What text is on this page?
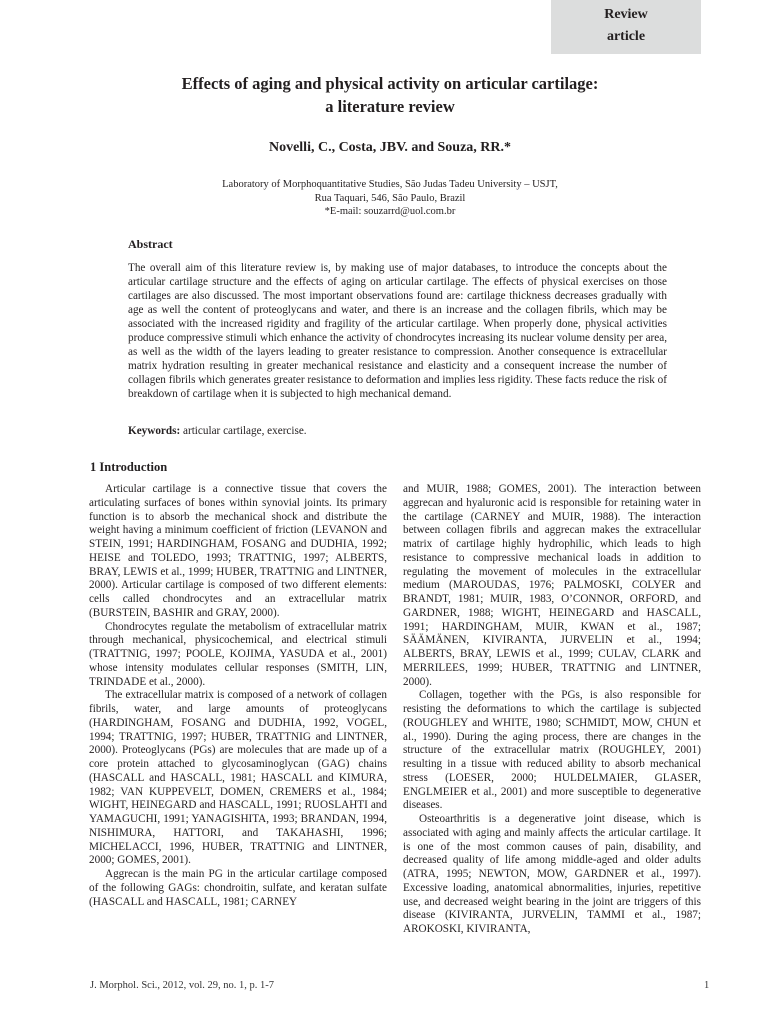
Review
article
Effects of aging and physical activity on articular cartilage:
a literature review
Novelli, C., Costa, JBV. and Souza, RR.*
Laboratory of Morphoquantitative Studies, São Judas Tadeu University – USJT,
Rua Taquari, 546, São Paulo, Brazil
*E-mail: souzarrd@uol.com.br
Abstract

The overall aim of this literature review is, by making use of major databases, to introduce the concepts about the articular cartilage structure and the effects of aging on articular cartilage. The effects of physical exercises on those cartilages are also discussed. The most important observations found are: cartilage thickness decreases gradually with age as well the content of proteoglycans and water, and there is an increase and the collagen fibrils, which may be associated with the increased rigidity and fragility of the articular cartilage. When properly done, physical activities produce compressive stimuli which enhance the activity of chondrocytes increasing its nuclear volume density per area, as well as the width of the layers leading to greater resistance to compression. Another consequence is extracellular matrix hydration resulting in greater mechanical resistance and elasticity and a consequent increase the number of collagen fibrils which generates greater resistance to deformation and implies less rigidity. These facts reduce the risk of breakdown of cartilage when it is subjected to high mechanical demand.

Keywords: articular cartilage, exercise.
1 Introduction

Articular cartilage is a connective tissue that covers the articulating surfaces of bones within synovial joints. Its primary function is to absorb the mechanical shock and distribute the weight having a minimum coefficient of friction (LEVANON and STEIN, 1991; HARDINGHAM, FOSANG and DUDHIA, 1992; HEISE and TOLEDO, 1993; TRATTNIG, 1997; ALBERTS, BRAY, LEWIS et al., 1999; HUBER, TRATTNIG and LINTNER, 2000). Articular cartilage is composed of two different elements: cells called chondrocytes and an extracellular matrix (BURSTEIN, BASHIR and GRAY, 2000).

Chondrocytes regulate the metabolism of extracellular matrix through mechanical, physicochemical, and electrical stimuli (TRATTNIG, 1997; POOLE, KOJIMA, YASUDA et al., 2001) whose intensity modulates cellular responses (SMITH, LIN, TRINDADE et al., 2000).

The extracellular matrix is composed of a network of collagen fibrils, water, and large amounts of proteoglycans (HARDINGHAM, FOSANG and DUDHIA, 1992, VOGEL, 1994; TRATTNIG, 1997; HUBER, TRATTNIG and LINTNER, 2000). Proteoglycans (PGs) are molecules that are made up of a core protein attached to glycosaminoglycan (GAG) chains (HASCALL and HASCALL, 1981; HASCALL and KIMURA, 1982; VAN KUPPEVELT, DOMEN, CREMERS et al., 1984; WIGHT, HEINEGARD and HASCALL, 1991; RUOSLAHTI and YAMAGUCHI, 1991; YANAGISHITA, 1993; BRANDAN, 1994, NISHIMURA, HATTORI, and TAKAHASHI, 1996; MICHELACCI, 1996, HUBER, TRATTNIG and LINTNER, 2000; GOMES, 2001).

Aggrecan is the main PG in the articular cartilage composed of the following GAGs: chondroitin, sulfate, and keratan sulfate (HASCALL and HASCALL, 1981; CARNEY

and MUIR, 1988; GOMES, 2001). The interaction between aggrecan and hyaluronic acid is responsible for retaining water in the cartilage (CARNEY and MUIR, 1988). The interaction between collagen fibrils and aggrecan makes the extracellular matrix of cartilage highly hydrophilic, which leads to high resistance to compressive mechanical loads in addition to regulating the movement of molecules in the extracellular medium (MAROUDAS, 1976; PALMOSKI, COLYER and BRANDT, 1981; MUIR, 1983, O’CONNOR, ORFORD, and GARDNER, 1988; WIGHT, HEINEGARD and HASCALL, 1991; HARDINGHAM, MUIR, KWAN et al., 1987; SÄÄMÄNEN, KIVIRANTA, JURVELIN et al., 1994; ALBERTS, BRAY, LEWIS et al., 1999; CULAV, CLARK and MERRILEES, 1999; HUBER, TRATTNIG and LINTNER, 2000).

Collagen, together with the PGs, is also responsible for resisting the deformations to which the cartilage is subjected (ROUGHLEY and WHITE, 1980; SCHMIDT, MOW, CHUN et al., 1990). During the aging process, there are changes in the structure of the extracellular matrix (ROUGHLEY, 2001) resulting in a tissue with reduced ability to absorb mechanical stress (LOESER, 2000; HULDELMAIER, GLASER, ENGLMEIER et al., 2001) and more susceptible to degenerative diseases.

Osteoarthritis is a degenerative joint disease, which is associated with aging and mainly affects the articular cartilage. It is one of the most common causes of pain, disability, and decreased quality of life among middle-aged and older adults (ATRA, 1995; NEWTON, MOW, GARDNER et al., 1997). Excessive loading, anatomical abnormalities, injuries, repetitive use, and decreased weight bearing in the joint are triggers of this disease (KIVIRANTA, JURVELIN, TAMMI et al., 1987; AROKOSKI, KIVIRANTA,

J. Morphol. Sci., 2012, vol. 29, no. 1, p. 1-7	1
